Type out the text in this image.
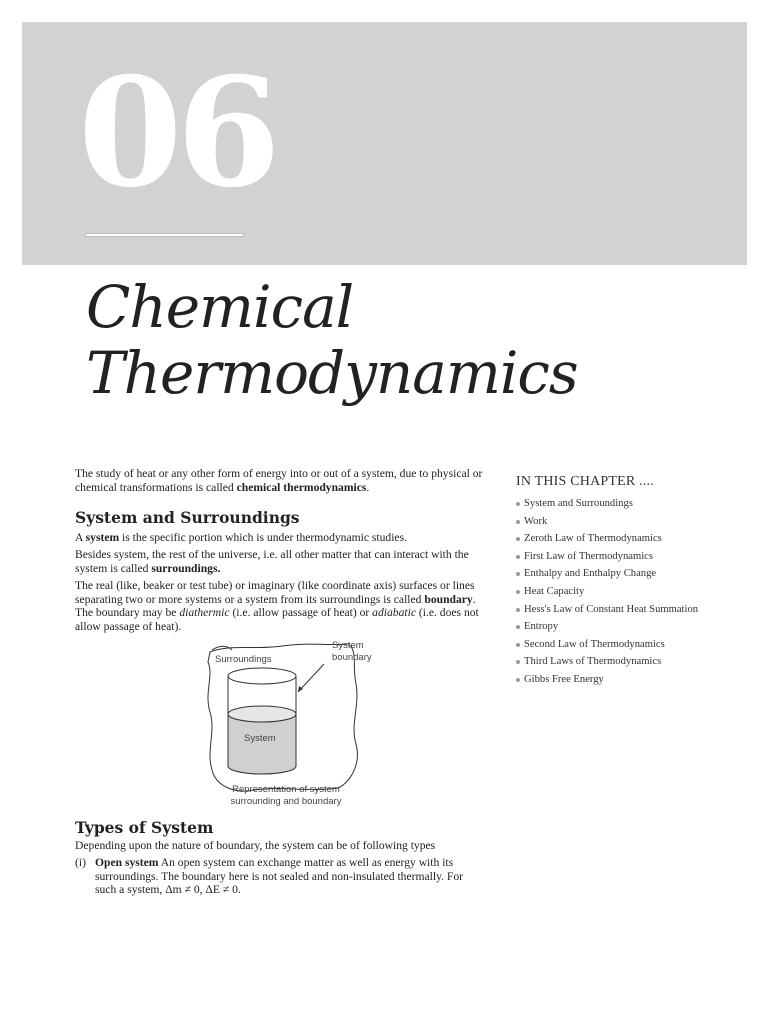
06
Chemical
Thermodynamics
The study of heat or any other form of energy into or out of a system, due to physical or chemical transformations is called chemical thermodynamics.
System and Surroundings
A system is the specific portion which is under thermodynamic studies.
Besides system, the rest of the universe, i.e. all other matter that can interact with the system is called surroundings.
The real (like, beaker or test tube) or imaginary (like coordinate axis) surfaces or lines separating two or more systems or a system from its surroundings is called boundary. The boundary may be diathermic (i.e. allow passage of heat) or adiabatic (i.e. does not allow passage of heat).
Surroundings
System
boundary
System
Representation of system
surrounding and boundary
Types of System
Depending upon the nature of boundary, the system can be of following types
(i) Open system An open system can exchange matter as well as energy with its surroundings. The boundary here is not sealed and non-insulated thermally. For such a system, Δm ≠ 0, ΔE ≠ 0.
IN THIS CHAPTER ....
System and Surroundings
Work
Zeroth Law of Thermodynamics
First Law of Thermodynamics
Enthalpy and Enthalpy Change
Heat Capacity
Hess's Law of Constant Heat Summation
Entropy
Second Law of Thermodynamics
Third Laws of Thermodynamics
Gibbs Free Energy
